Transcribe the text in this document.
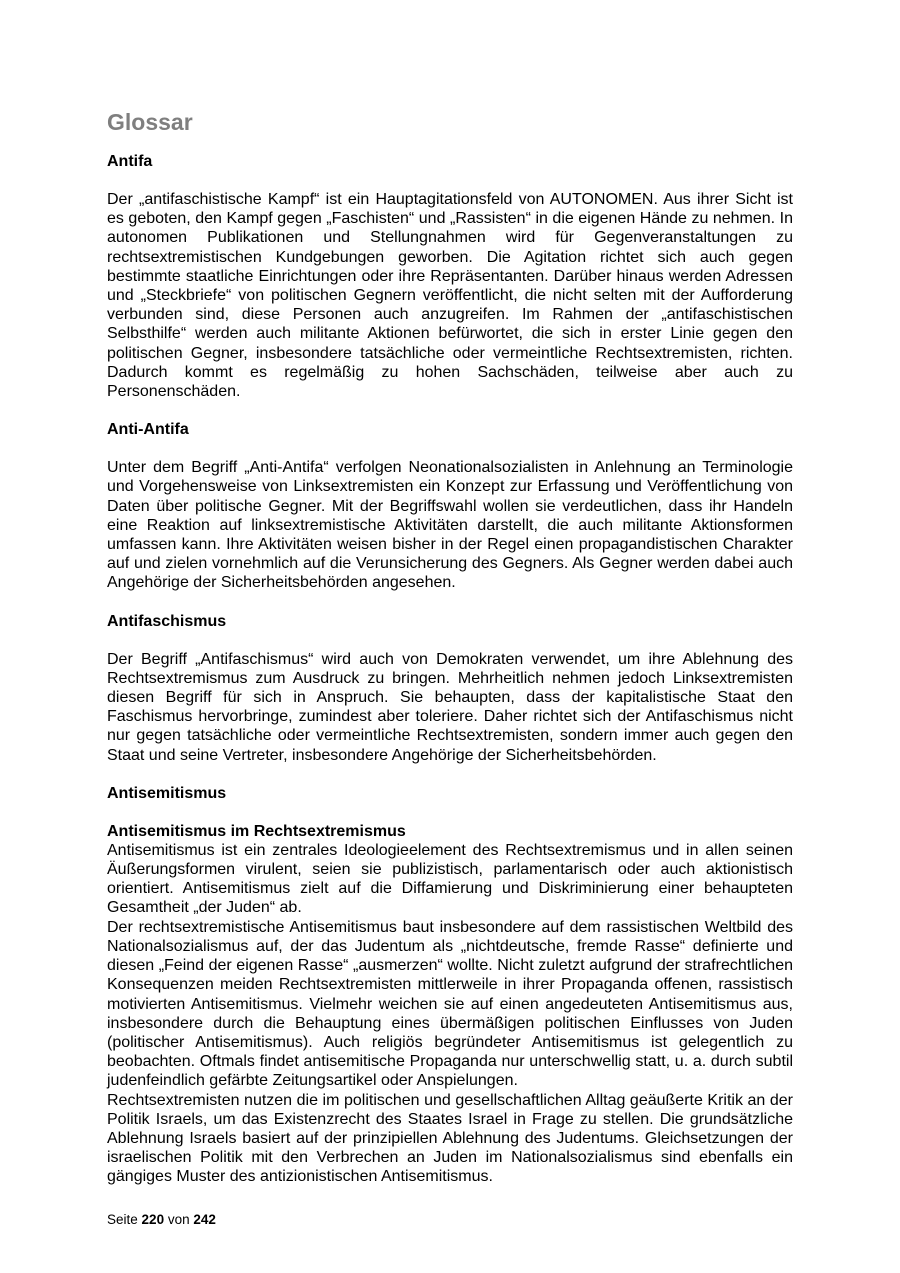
Glossar
Antifa

Der „antifaschistische Kampf“ ist ein Hauptagitationsfeld von AUTONOMEN. Aus ihrer Sicht ist es geboten, den Kampf gegen „Faschisten“ und „Rassisten“ in die eigenen Hände zu nehmen. In autonomen Publikationen und Stellungnahmen wird für Gegenveranstaltungen zu rechtsextremistischen Kundgebungen geworben. Die Agitation richtet sich auch gegen bestimmte staatliche Einrichtungen oder ihre Repräsentanten. Darüber hinaus werden Adressen und „Steckbriefe“ von politischen Gegnern veröffentlicht, die nicht selten mit der Aufforderung verbunden sind, diese Personen auch anzugreifen. Im Rahmen der „antifaschistischen Selbsthilfe“ werden auch militante Aktionen befürwortet, die sich in erster Linie gegen den politischen Gegner, insbesondere tatsächliche oder vermeintliche Rechtsextremisten, richten. Dadurch kommt es regelmäßig zu hohen Sachschäden, teilweise aber auch zu Personenschäden.

Anti-Antifa

Unter dem Begriff „Anti-Antifa“ verfolgen Neonationalsozialisten in Anlehnung an Terminologie und Vorgehensweise von Linksextremisten ein Konzept zur Erfassung und Veröffentlichung von Daten über politische Gegner. Mit der Begriffswahl wollen sie verdeutlichen, dass ihr Handeln eine Reaktion auf linksextremistische Aktivitäten darstellt, die auch militante Aktionsformen umfassen kann. Ihre Aktivitäten weisen bisher in der Regel einen propagandistischen Charakter auf und zielen vornehmlich auf die Verunsicherung des Gegners. Als Gegner werden dabei auch Angehörige der Sicherheitsbehörden angesehen.

Antifaschismus

Der Begriff „Antifaschismus“ wird auch von Demokraten verwendet, um ihre Ablehnung des Rechtsextremismus zum Ausdruck zu bringen. Mehrheitlich nehmen jedoch Linksextremisten diesen Begriff für sich in Anspruch. Sie behaupten, dass der kapitalistische Staat den Faschismus hervorbringe, zumindest aber toleriere. Daher richtet sich der Antifaschismus nicht nur gegen tatsächliche oder vermeintliche Rechtsextremisten, sondern immer auch gegen den Staat und seine Vertreter, insbesondere Angehörige der Sicherheitsbehörden.

Antisemitismus
Antisemitismus im Rechtsextremismus

Antisemitismus ist ein zentrales Ideologieelement des Rechtsextremismus und in allen seinen Äußerungsformen virulent, seien sie publizistisch, parlamentarisch oder auch aktionistisch orientiert. Antisemitismus zielt auf die Diffamierung und Diskriminierung einer behaupteten Gesamtheit „der Juden“ ab.

Der rechtsextremistische Antisemitismus baut insbesondere auf dem rassistischen Weltbild des Nationalsozialismus auf, der das Judentum als „nichtdeutsche, fremde Rasse“ definierte und diesen „Feind der eigenen Rasse“ „ausmerzen“ wollte. Nicht zuletzt aufgrund der strafrechtlichen Konsequenzen meiden Rechtsextremisten mittlerweile in ihrer Propaganda offenen, rassistisch motivierten Antisemitismus. Vielmehr weichen sie auf einen angedeuteten Antisemitismus aus, insbesondere durch die Behauptung eines übermäßigen politischen Einflusses von Juden (politischer Antisemitismus). Auch religiös begründeter Antisemitismus ist gelegentlich zu beobachten. Oftmals findet antisemitische Propaganda nur unterschwellig statt, u. a. durch subtil judenfeindlich gefärbte Zeitungsartikel oder Anspielungen.

Rechtsextremisten nutzen die im politischen und gesellschaftlichen Alltag geäußerte Kritik an der Politik Israels, um das Existenzrecht des Staates Israel in Frage zu stellen. Die grundsätzliche Ablehnung Israels basiert auf der prinzipiellen Ablehnung des Judentums. Gleichsetzungen der israelischen Politik mit den Verbrechen an Juden im Nationalsozialismus sind ebenfalls ein gängiges Muster des antizionistischen Antisemitismus.

Seite 220 von 242
